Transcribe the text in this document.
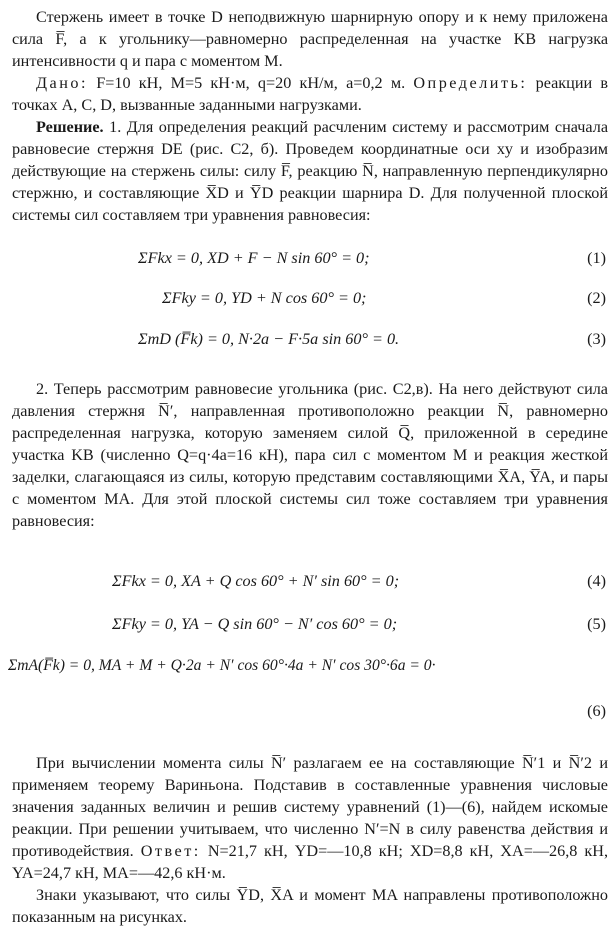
Стержень имеет в точке D неподвижную шарнирную опору и к нему приложена сила F̅, а к угольнику—равномерно распределенная на участке KB нагрузка интенсивности q и пара с моментом M.

Дано: F=10 кН, M=5 кН·м, q=20 кН/м, a=0,2 м. Определить: реакции в точках A, C, D, вызванные заданными нагрузками.

Решение. 1. Для определения реакций расчленим систему и рассмотрим сначала равновесие стержня DE (рис. С2, б). Проведем координатные оси xy и изобразим действующие на стержень силы: силу F̅, реакцию N̅, направленную перпендикулярно стержню, и составляющие X̅D и Y̅D реакции шарнира D. Для полученной плоской системы сил составляем три уравнения равновесия:

ΣFkx = 0, XD + F − N sin 60° = 0;	(1)
ΣFky = 0, YD + N cos 60° = 0;	(2)
ΣmD (F̅k) = 0, N·2a − F·5a sin 60° = 0.	(3)

2. Теперь рассмотрим равновесие угольника (рис. С2,в). На него действуют сила давления стержня N̅′, направленная противоположно реакции N̅, равномерно распределенная нагрузка, которую заменяем силой Q̅, приложенной в середине участка KB (численно Q=q·4a=16 кН), пара сил с моментом M и реакция жесткой заделки, слагающаяся из силы, которую представим составляющими X̅A, Y̅A, и пары с моментом MA. Для этой плоской системы сил тоже составляем три уравнения равновесия:

ΣFkx = 0, XA + Q cos 60° + N′ sin 60° = 0;	(4)
ΣFky = 0, YA − Q sin 60° − N′ cos 60° = 0;	(5)
ΣmA(F̅k) = 0, MA + M + Q·2a + N′ cos 60°·4a + N′ cos 30°·6a = 0·
(6)

При вычислении момента силы N̅′ разлагаем ее на составляющие N̅′1 и N̅′2 и применяем теорему Вариньона. Подставив в составленные уравнения числовые значения заданных величин и решив систему уравнений (1)—(6), найдем искомые реакции. При решении учитываем, что численно N′=N в силу равенства действия и противодействия. Ответ: N=21,7 кН, YD=—10,8 кН; XD=8,8 кН, XA=—26,8 кН, YA=24,7 кН, MA=—42,6 кН·м.

Знаки указывают, что силы Y̅D, X̅A и момент MA направлены противоположно показанным на рисунках.
